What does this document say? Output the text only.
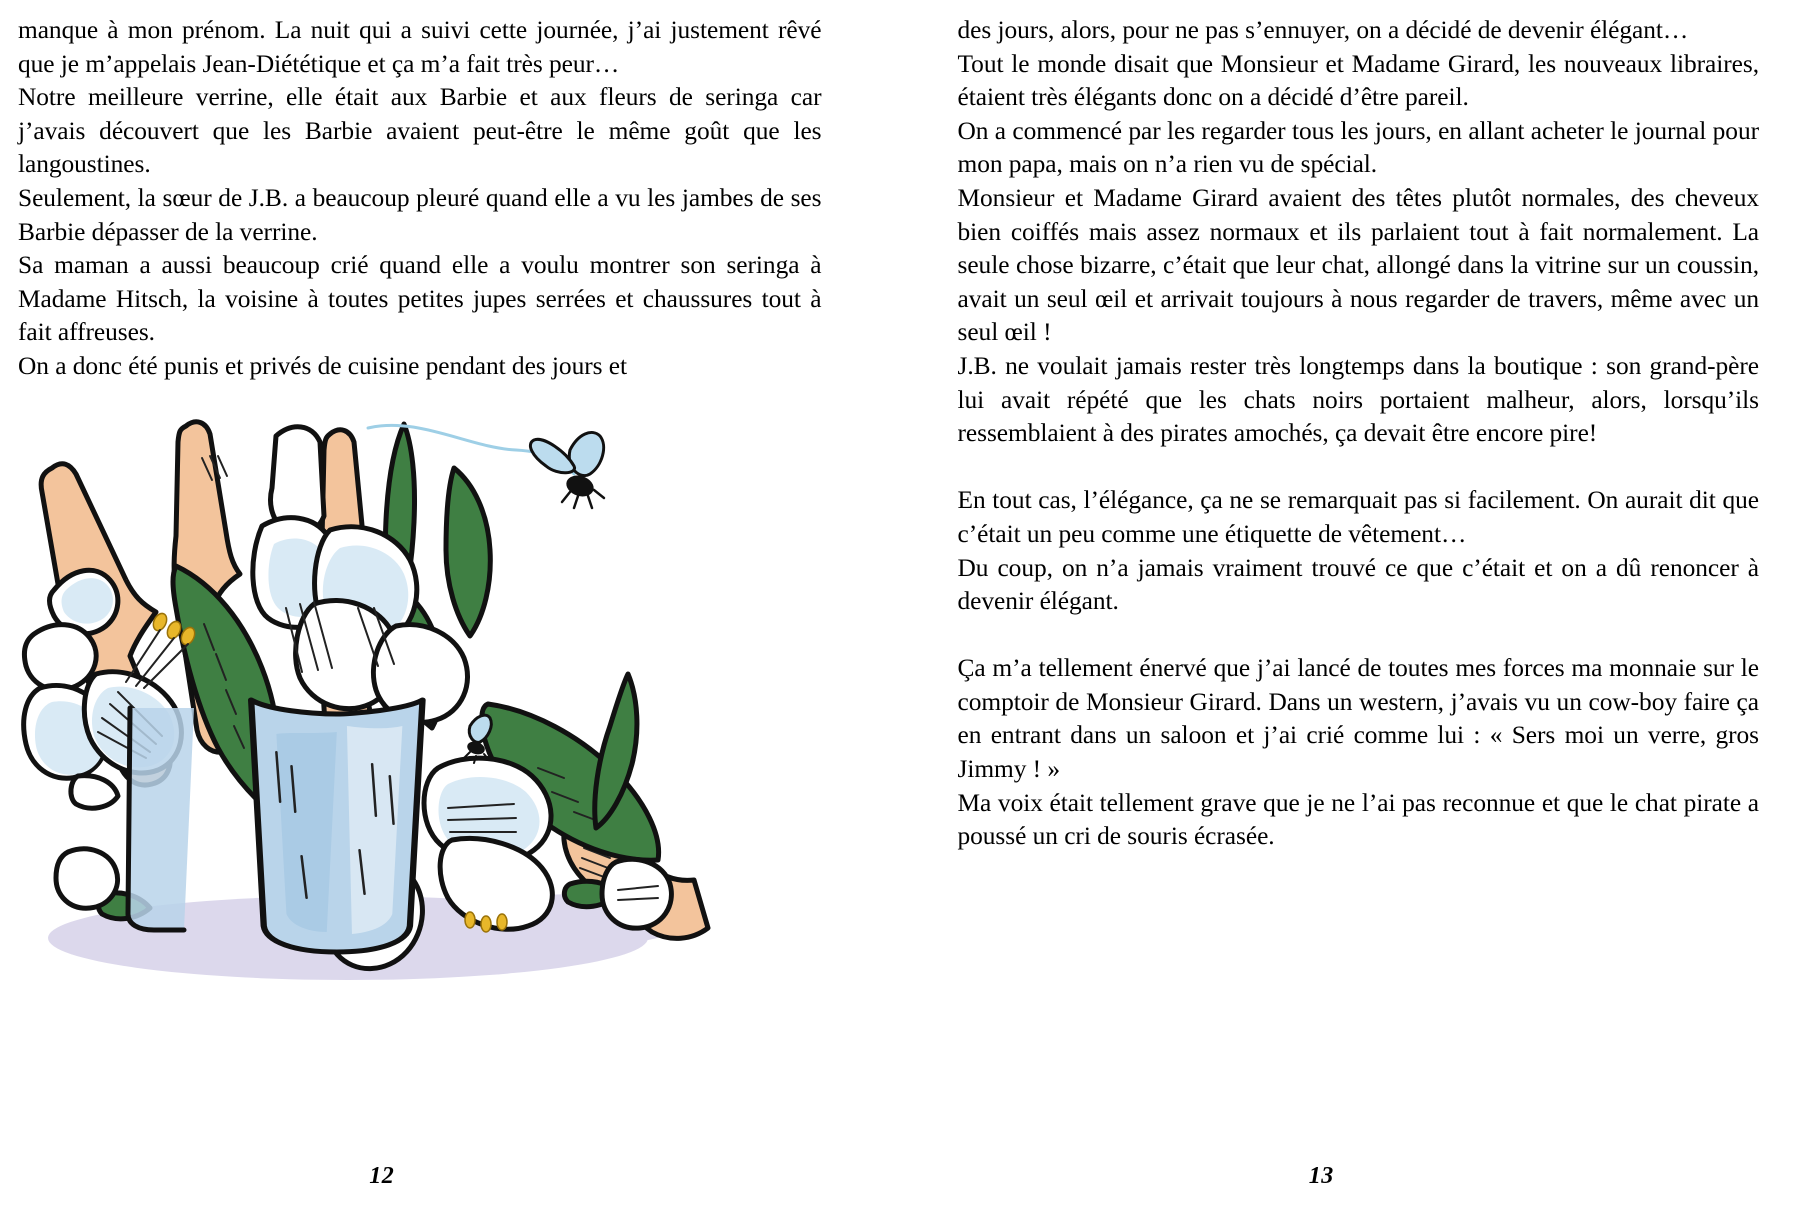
manque à mon prénom. La nuit qui a suivi cette journée, j’ai justement rêvé que je m’appelais Jean-Diététique et ça m’a fait très peur…

Notre meilleure verrine, elle était aux Barbie et aux fleurs de seringa car j’avais découvert que les Barbie avaient peut-être le même goût que les langoustines.

Seulement, la sœur de J.B. a beaucoup pleuré quand elle a vu les jambes de ses Barbie dépasser de la verrine.

Sa maman a aussi beaucoup crié quand elle a voulu montrer son seringa à Madame Hitsch, la voisine à toutes petites jupes serrées et chaussures tout à fait affreuses.

On a donc été punis et privés de cuisine pendant des jours et

12

des jours, alors, pour ne pas s’ennuyer, on a décidé de devenir élégant…

Tout le monde disait que Monsieur et Madame Girard, les nouveaux libraires, étaient très élégants donc on a décidé d’être pareil.

On a commencé par les regarder tous les jours, en allant acheter le journal pour mon papa, mais on n’a rien vu de spécial.

Monsieur et Madame Girard avaient des têtes plutôt normales, des cheveux bien coiffés mais assez normaux et ils parlaient tout à fait normalement. La seule chose bizarre, c’était que leur chat, allongé dans la vitrine sur un coussin, avait un seul œil et arrivait toujours à nous regarder de travers, même avec un seul œil !

J.B. ne voulait jamais rester très longtemps dans la boutique : son grand-père lui avait répété que les chats noirs portaient malheur, alors, lorsqu’ils ressemblaient à des pirates amochés, ça devait être encore pire!

En tout cas, l’élégance, ça ne se remarquait pas si facilement. On aurait dit que c’était un peu comme une étiquette de vêtement…

Du coup, on n’a jamais vraiment trouvé ce que c’était et on a dû renoncer à devenir élégant.

Ça m’a tellement énervé que j’ai lancé de toutes mes forces ma monnaie sur le comptoir de Monsieur Girard. Dans un western, j’avais vu un cow-boy faire ça en entrant dans un saloon et j’ai crié comme lui : « Sers moi un verre, gros Jimmy ! »

Ma voix était tellement grave que je ne l’ai pas reconnue et que le chat pirate a poussé un cri de souris écrasée.

13
